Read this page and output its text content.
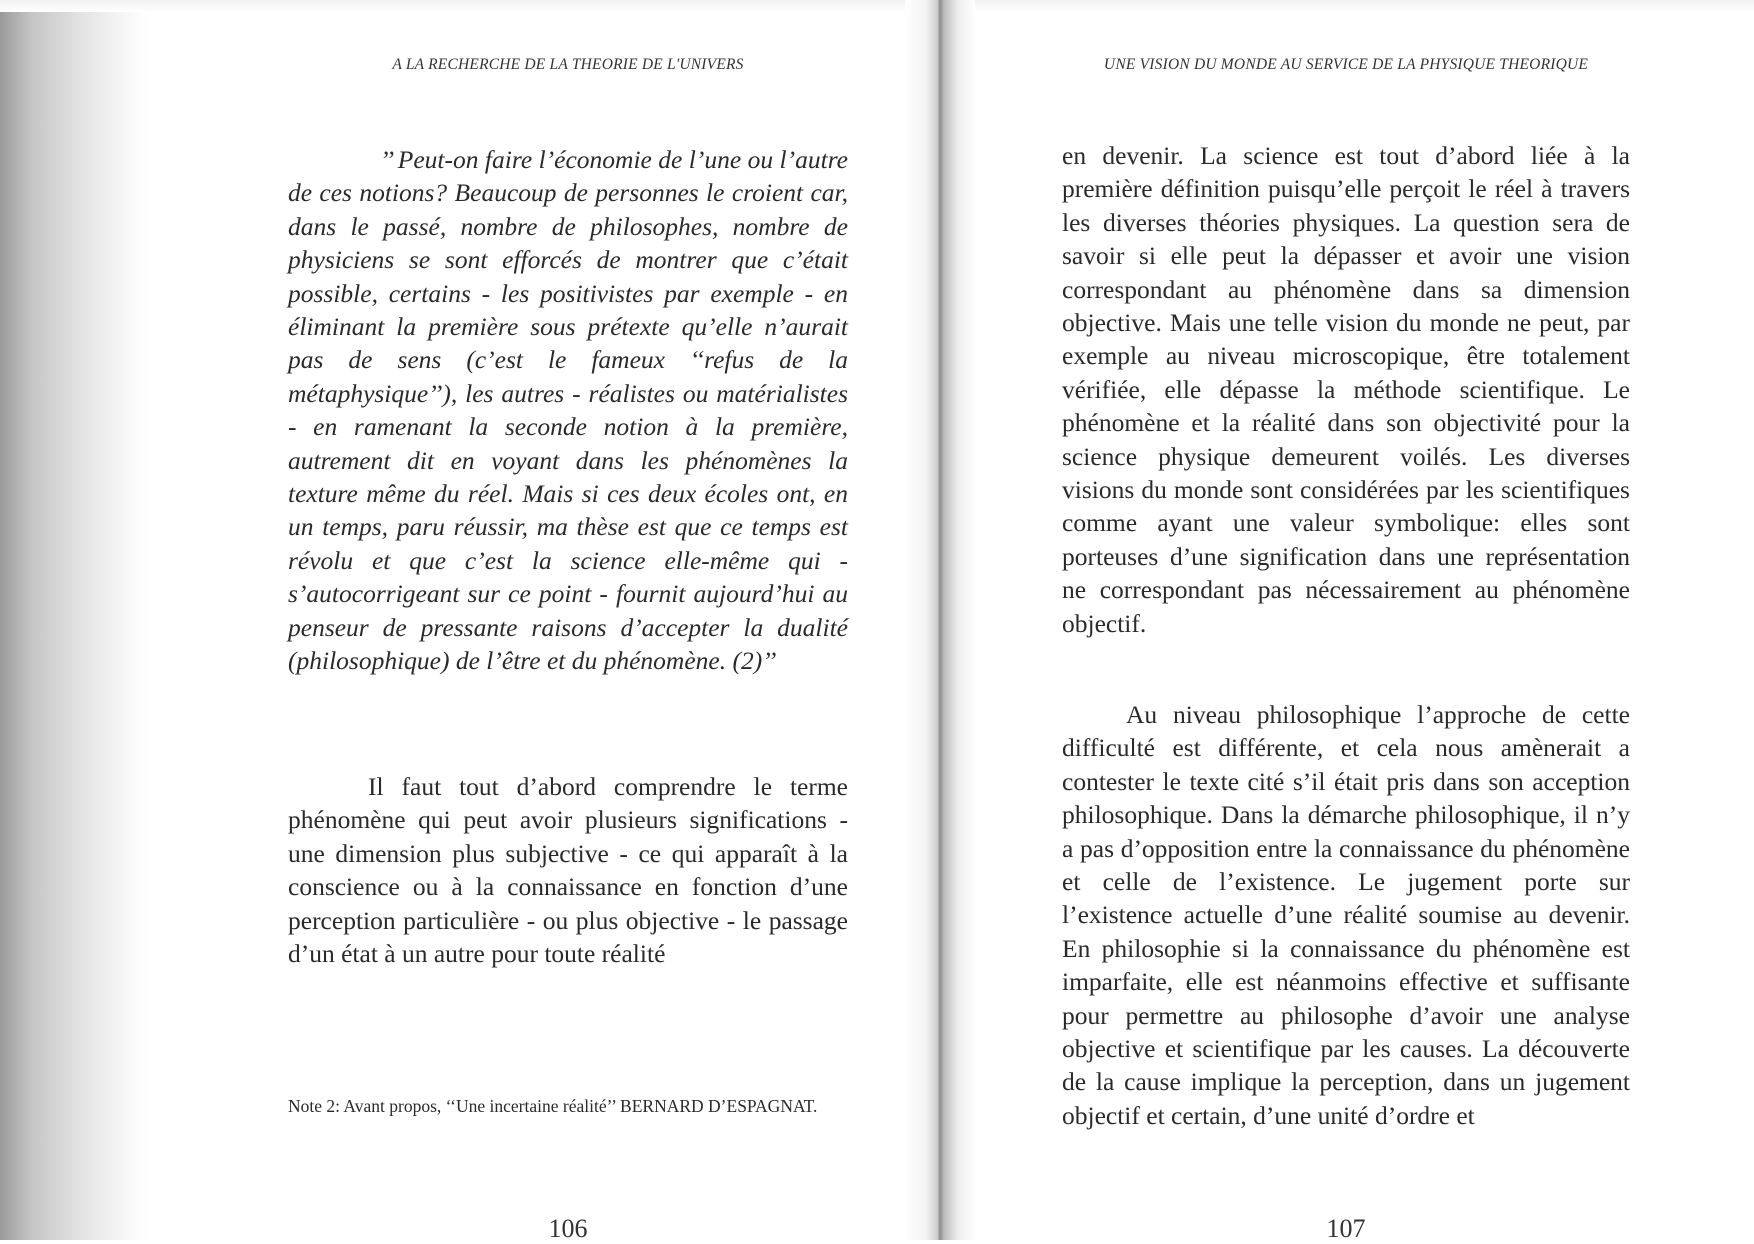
A LA RECHERCHE DE LA THEORIE DE L'UNIVERS

’’ Peut-on faire l’économie de l’une ou l’autre de ces notions? Beaucoup de personnes le croient car, dans le passé, nombre de philosophes, nombre de physiciens se sont efforcés de montrer que c’était possible, certains - les positivistes par exemple - en éliminant la première sous prétexte qu’elle n’aurait pas de sens (c’est le fameux ‘‘refus de la métaphysique’’), les autres - réalistes ou matérialistes - en ramenant la seconde notion à la première, autrement dit en voyant dans les phénomènes la texture même du réel. Mais si ces deux écoles ont, en un temps, paru réussir, ma thèse est que ce temps est révolu et que c’est la science elle-même qui - s’autocorrigeant sur ce point - fournit aujourd’hui au penseur de pressante raisons d’accepter la dualité (philosophique) de l’être et du phénomène. (2)’’

Il faut tout d’abord comprendre le terme phénomène qui peut avoir plusieurs significations - une dimension plus subjective - ce qui apparaît à la conscience ou à la connaissance en fonction d’une perception particulière - ou plus objective - le passage d’un état à un autre pour toute réalité

Note 2: Avant propos, ‘‘Une incertaine réalité’’ BERNARD D’ESPAGNAT.

106
UNE VISION DU MONDE AU SERVICE DE LA PHYSIQUE THEORIQUE

en devenir. La science est tout d’abord liée à la première définition puisqu’elle perçoit le réel à travers les diverses théories physiques. La question sera de savoir si elle peut la dépasser et avoir une vision correspondant au phénomène dans sa dimension objective. Mais une telle vision du monde ne peut, par exemple au niveau microscopique, être totalement vérifiée, elle dépasse la méthode scientifique. Le phénomène et la réalité dans son objectivité pour la science physique demeurent voilés. Les diverses visions du monde sont considérées par les scientifiques comme ayant une valeur symbolique: elles sont porteuses d’une signification dans une représentation ne correspondant pas nécessairement au phénomène objectif.

Au niveau philosophique l’approche de cette difficulté est différente, et cela nous amènerait a contester le texte cité s’il était pris dans son acception philosophique. Dans la démarche philosophique, il n’y a pas d’opposition entre la connaissance du phénomène et celle de l’existence. Le jugement porte sur l’existence actuelle d’une réalité soumise au devenir. En philosophie si la connaissance du phénomène est imparfaite, elle est néanmoins effective et suffisante pour permettre au philosophe d’avoir une analyse objective et scientifique par les causes. La découverte de la cause implique la perception, dans un jugement objectif et certain, d’une unité d’ordre et

107
